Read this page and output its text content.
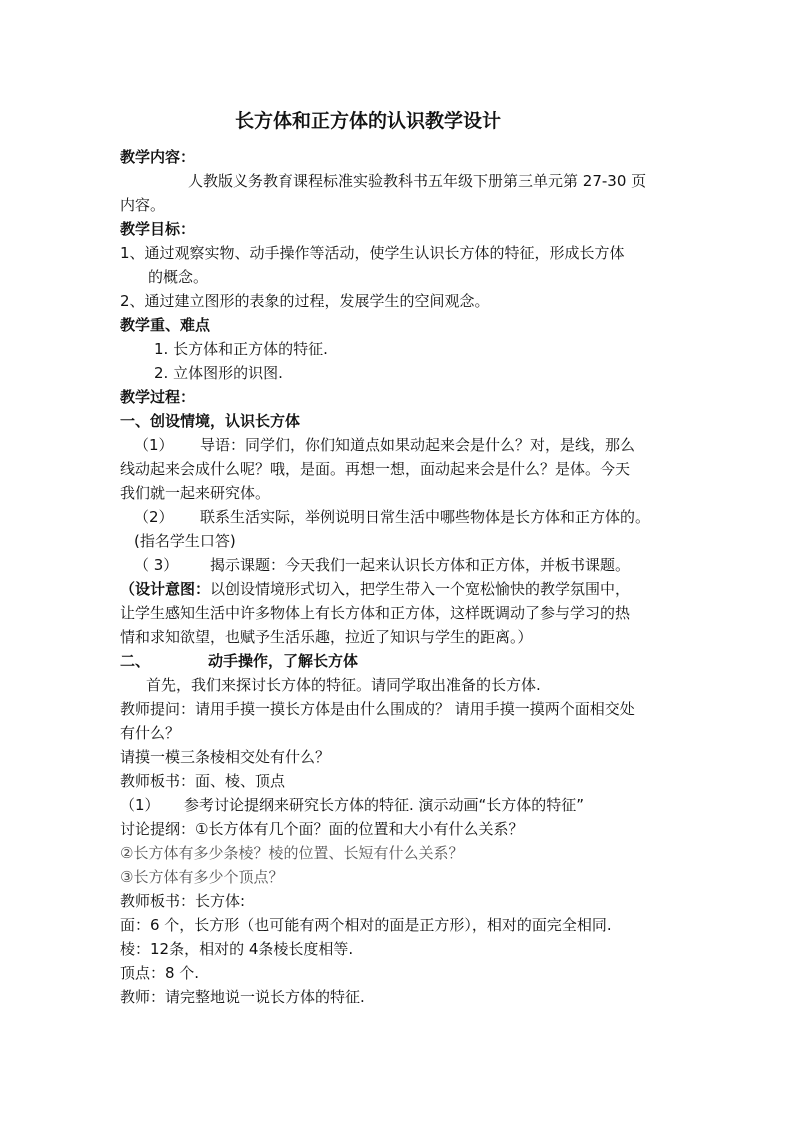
长方体和正方体的认识教学设计
教学内容：
人教版义务教育课程标准实验教科书五年级下册第三单元第 27-30 页
内容。
教学目标：
1、通过观察实物、动手操作等活动，使学生认识长方体的特征，形成长方体
的概念。
2、通过建立图形的表象的过程，发展学生的空间观念。
教学重、难点
1. 长方体和正方体的特征.
2. 立体图形的识图.
教学过程：
一、创设情境，认识长方体
（1） 导语：同学们，你们知道点如果动起来会是什么？对，是线，那么
线动起来会成什么呢？哦，是面。再想一想，面动起来会是什么？是体。今天
我们就一起来研究体。
（2） 联系生活实际，举例说明日常生活中哪些物体是长方体和正方体的。
(指名学生口答)
（ 3） 揭示课题：今天我们一起来认识长方体和正方体，并板书课题。
（设计意图：以创设情境形式切入，把学生带入一个宽松愉快的教学氛围中，
让学生感知生活中许多物体上有长方体和正方体，这样既调动了参与学习的热
情和求知欲望，也赋予生活乐趣，拉近了知识与学生的距离。）
二、	动手操作，了解长方体
首先，我们来探讨长方体的特征。请同学取出准备的长方体.
教师提问：请用手摸一摸长方体是由什么围成的？ 请用手摸一摸两个面相交处
有什么？
请摸一模三条棱相交处有什么？
教师板书：面、棱、顶点
（1） 参考讨论提纲来研究长方体的特征. 演示动画“长方体的特征”
讨论提纲：①长方体有几个面？面的位置和大小有什么关系？
②长方体有多少条棱？棱的位置、长短有什么关系？
③长方体有多少个顶点？
教师板书：长方体:
面：6 个，长方形（也可能有两个相对的面是正方形），相对的面完全相同.
棱：12条，相对的 4条棱长度相等.
顶点：8 个.
教师：请完整地说一说长方体的特征.
